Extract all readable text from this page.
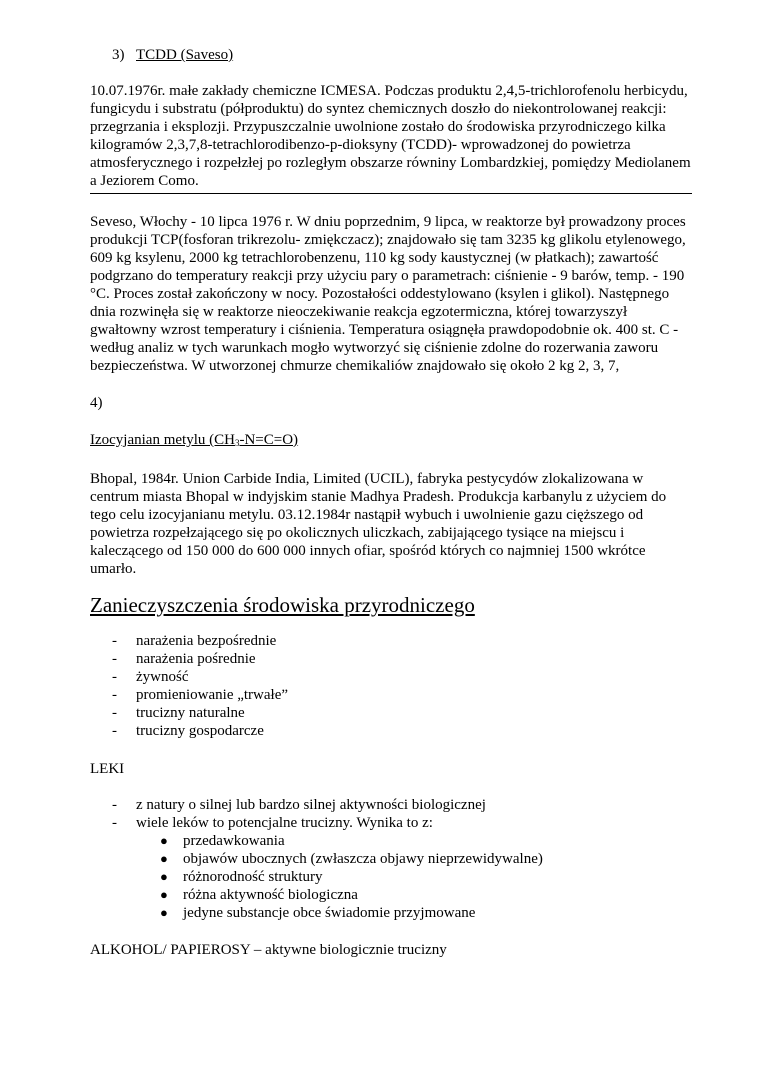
3) TCDD (Saveso)

10.07.1976r. małe zakłady chemiczne ICMESA. Podczas produktu 2,4,5-trichlorofenolu herbicydu, fungicydu i substratu (półproduktu) do syntez chemicznych doszło do niekontrolowanej reakcji: przegrzania i eksplozji. Przypuszczalnie uwolnione zostało do środowiska przyrodniczego kilka kilogramów 2,3,7,8-tetrachlorodibenzo-p-dioksyny (TCDD)- wprowadzonej do powietrza atmosferycznego i rozpełzłej po rozległym obszarze równiny Lombardzkiej, pomiędzy Mediolanem a Jeziorem Como.

Seveso, Włochy - 10 lipca 1976 r. W dniu poprzednim, 9 lipca, w reaktorze był prowadzony proces produkcji TCP(fosforan trikrezolu- zmiękczacz); znajdowało się tam 3235 kg glikolu etylenowego, 609 kg ksylenu, 2000 kg tetrachlorobenzenu, 110 kg sody kaustycznej (w płatkach); zawartość podgrzano do temperatury reakcji przy użyciu pary o parametrach: ciśnienie - 9 barów, temp. - 190 °C. Proces został zakończony w nocy. Pozostałości oddestylowano (ksylen i glikol). Następnego dnia rozwinęła się w reaktorze nieoczekiwanie reakcja egzotermiczna, której towarzyszył gwałtowny wzrost temperatury i ciśnienia. Temperatura osiągnęła prawdopodobnie ok. 400 st. C - według analiz w tych warunkach mogło wytworzyć się ciśnienie zdolne do rozerwania zaworu bezpieczeństwa. W utworzonej chmurze chemikaliów znajdowało się około 2 kg 2, 3, 7,

4)

Izocyjanian metylu $(CH_3-N=C=O)$

Bhopal, 1984r. Union Carbide India, Limited (UCIL), fabryka pestycydów zlokalizowana w centrum miasta Bhopal w indyjskim stanie Madhya Pradesh. Produkcja karbanylu z użyciem do tego celu izocyjanianu metylu. 03.12.1984r nastąpił wybuch i uwolnienie gazu cięższego od powietrza rozpełzającego się po okolicznych uliczkach, zabijającego tysiące na miejscu i kaleczącego od 150 000 do 600 000 innych ofiar, spośród których co najmniej 1500 wkrótce umarło.

Zanieczyszczenia środowiska przyrodniczego
- narażenia bezpośrednie
- narażenia pośrednie
- żywność
- promieniowanie „trwałe”
- trucizny naturalne
- trucizny gospodarcze

LEKI

- z natury o silnej lub bardzo silnej aktywności biologicznej
- wiele leków to potencjalne trucizny. Wynika to z:
● przedawkowania
● objawów ubocznych (zwłaszcza objawy nieprzewidywalne)
● różnorodność struktury
● różna aktywność biologiczna
● jedyne substancje obce świadomie przyjmowane

ALKOHOL/ PAPIEROSY – aktywne biologicznie trucizny
